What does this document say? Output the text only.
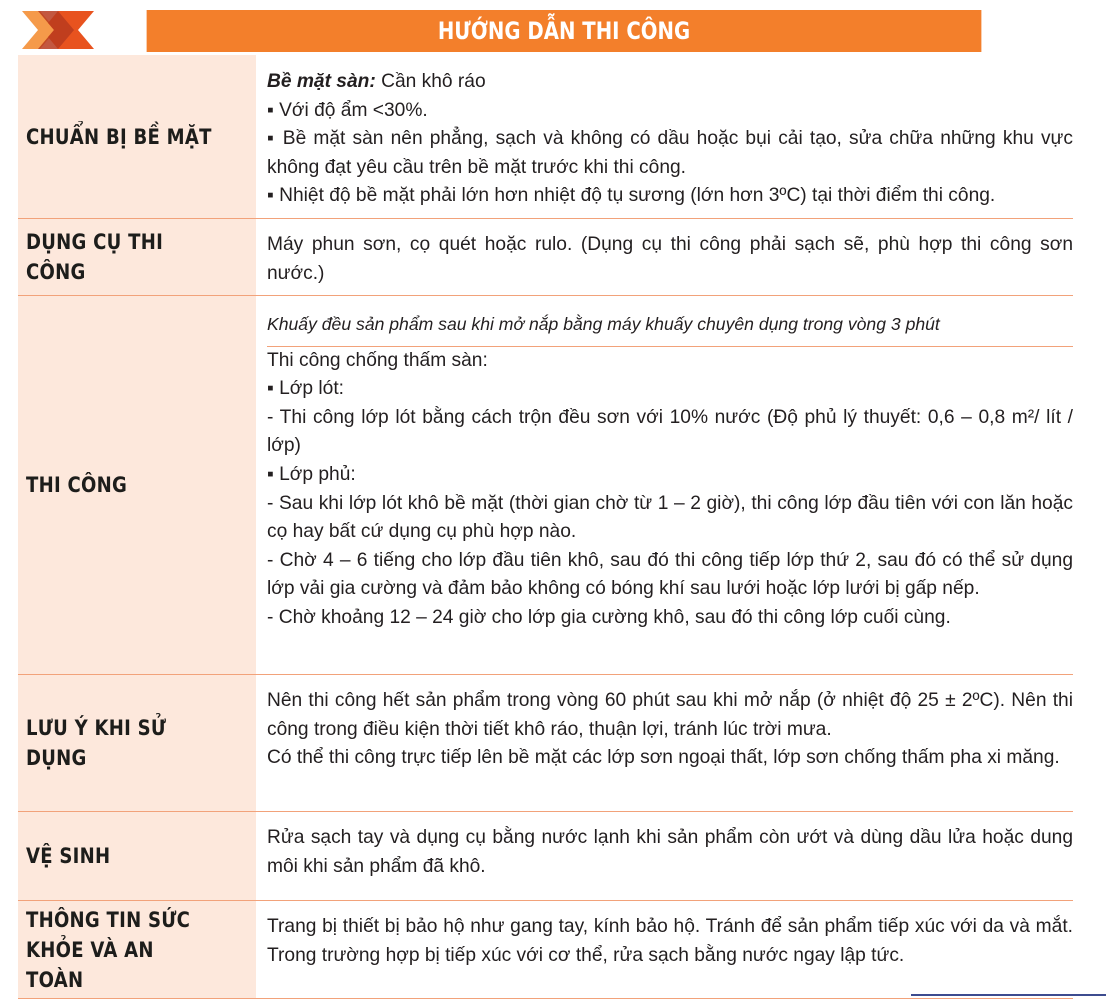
HƯỚNG DẪN THI CÔNG
CHUẨN BỊ BỀ MẶT

Bề mặt sàn: Cần khô ráo

▪ Với độ ẩm <30%.

▪ Bề mặt sàn nên phẳng, sạch và không có dầu hoặc bụi cải tạo, sửa chữa những khu vực không đạt yêu cầu trên bề mặt trước khi thi công.

▪ Nhiệt độ bề mặt phải lớn hơn nhiệt độ tụ sương (lớn hơn 3ºC) tại thời điểm thi công.

DỤNG CỤ THI CÔNG

Máy phun sơn, cọ quét hoặc rulo. (Dụng cụ thi công phải sạch sẽ, phù hợp thi công sơn nước.)

THI CÔNG

Khuấy đều sản phẩm sau khi mở nắp bằng máy khuấy chuyên dụng trong vòng 3 phút

Thi công chống thấm sàn:

▪ Lớp lót:

- Thi công lớp lót bằng cách trộn đều sơn với 10% nước (Độ phủ lý thuyết: 0,6 – 0,8 m²/ lít / lớp)

▪ Lớp phủ:

- Sau khi lớp lót khô bề mặt (thời gian chờ từ 1 – 2 giờ), thi công lớp đầu tiên với con lăn hoặc cọ hay bất cứ dụng cụ phù hợp nào.

- Chờ 4 – 6 tiếng cho lớp đầu tiên khô, sau đó thi công tiếp lớp thứ 2, sau đó có thể sử dụng lớp vải gia cường và đảm bảo không có bóng khí sau lưới hoặc lớp lưới bị gấp nếp.

- Chờ khoảng 12 – 24 giờ cho lớp gia cường khô, sau đó thi công lớp cuối cùng.

LƯU Ý KHI SỬ DỤNG

Nên thi công hết sản phẩm trong vòng 60 phút sau khi mở nắp (ở nhiệt độ 25 ± 2ºC). Nên thi công trong điều kiện thời tiết khô ráo, thuận lợi, tránh lúc trời mưa.

Có thể thi công trực tiếp lên bề mặt các lớp sơn ngoại thất, lớp sơn chống thấm pha xi măng.

VỆ SINH

Rửa sạch tay và dụng cụ bằng nước lạnh khi sản phẩm còn ướt và dùng dầu lửa hoặc dung môi khi sản phẩm đã khô.

THÔNG TIN SỨC KHỎE VÀ AN TOÀN

Trang bị thiết bị bảo hộ như gang tay, kính bảo hộ. Tránh để sản phẩm tiếp xúc với da và mắt. Trong trường hợp bị tiếp xúc với cơ thể, rửa sạch bằng nước ngay lập tức.
